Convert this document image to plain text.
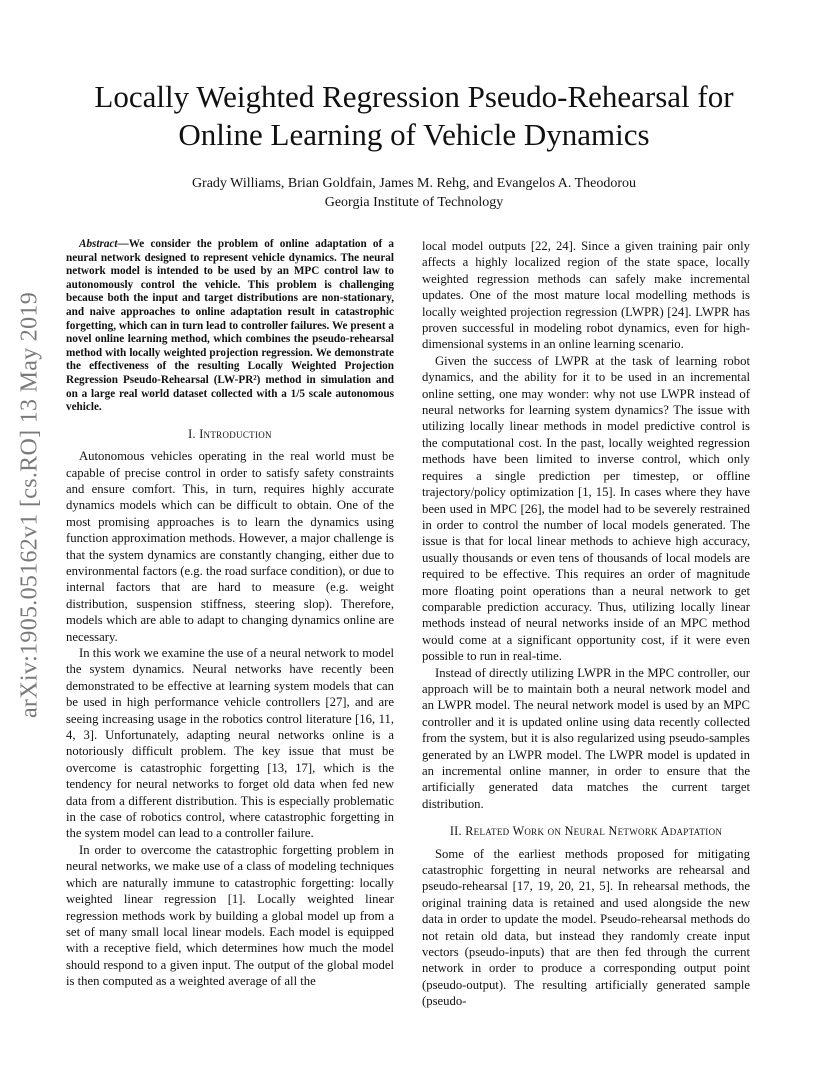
arXiv:1905.05162v1 [cs.RO] 13 May 2019
Locally Weighted Regression Pseudo-Rehearsal for
Online Learning of Vehicle Dynamics
Grady Williams, Brian Goldfain, James M. Rehg, and Evangelos A. Theodorou
Georgia Institute of Technology

Abstract—We consider the problem of online adaptation of a neural network designed to represent vehicle dynamics. The neural network model is intended to be used by an MPC control law to autonomously control the vehicle. This problem is challenging because both the input and target distributions are non-stationary, and naive approaches to online adaptation result in catastrophic forgetting, which can in turn lead to controller failures. We present a novel online learning method, which combines the pseudo-rehearsal method with locally weighted projection regression. We demonstrate the effectiveness of the resulting Locally Weighted Projection Regression Pseudo-Rehearsal (LW-PR²) method in simulation and on a large real world dataset collected with a 1/5 scale autonomous vehicle.

I. Introduction

Autonomous vehicles operating in the real world must be capable of precise control in order to satisfy safety constraints and ensure comfort. This, in turn, requires highly accurate dynamics models which can be difficult to obtain. One of the most promising approaches is to learn the dynamics using function approximation methods. However, a major challenge is that the system dynamics are constantly changing, either due to environmental factors (e.g. the road surface condition), or due to internal factors that are hard to measure (e.g. weight distribution, suspension stiffness, steering slop). Therefore, models which are able to adapt to changing dynamics online are necessary.

In this work we examine the use of a neural network to model the system dynamics. Neural networks have recently been demonstrated to be effective at learning system models that can be used in high performance vehicle controllers [27], and are seeing increasing usage in the robotics control literature [16, 11, 4, 3]. Unfortunately, adapting neural networks online is a notoriously difficult problem. The key issue that must be overcome is catastrophic forgetting [13, 17], which is the tendency for neural networks to forget old data when fed new data from a different distribution. This is especially problematic in the case of robotics control, where catastrophic forgetting in the system model can lead to a controller failure.

In order to overcome the catastrophic forgetting problem in neural networks, we make use of a class of modeling techniques which are naturally immune to catastrophic forgetting: locally weighted linear regression [1]. Locally weighted linear regression methods work by building a global model up from a set of many small local linear models. Each model is equipped with a receptive field, which determines how much the model should respond to a given input. The output of the global model is then computed as a weighted average of all the

local model outputs [22, 24]. Since a given training pair only affects a highly localized region of the state space, locally weighted regression methods can safely make incremental updates. One of the most mature local modelling methods is locally weighted projection regression (LWPR) [24]. LWPR has proven successful in modeling robot dynamics, even for high-dimensional systems in an online learning scenario.

Given the success of LWPR at the task of learning robot dynamics, and the ability for it to be used in an incremental online setting, one may wonder: why not use LWPR instead of neural networks for learning system dynamics? The issue with utilizing locally linear methods in model predictive control is the computational cost. In the past, locally weighted regression methods have been limited to inverse control, which only requires a single prediction per timestep, or offline trajectory/policy optimization [1, 15]. In cases where they have been used in MPC [26], the model had to be severely restrained in order to control the number of local models generated. The issue is that for local linear methods to achieve high accuracy, usually thousands or even tens of thousands of local models are required to be effective. This requires an order of magnitude more floating point operations than a neural network to get comparable prediction accuracy. Thus, utilizing locally linear methods instead of neural networks inside of an MPC method would come at a significant opportunity cost, if it were even possible to run in real-time.

Instead of directly utilizing LWPR in the MPC controller, our approach will be to maintain both a neural network model and an LWPR model. The neural network model is used by an MPC controller and it is updated online using data recently collected from the system, but it is also regularized using pseudo-samples generated by an LWPR model. The LWPR model is updated in an incremental online manner, in order to ensure that the artificially generated data matches the current target distribution.

II. Related Work on Neural Network Adaptation

Some of the earliest methods proposed for mitigating catastrophic forgetting in neural networks are rehearsal and pseudo-rehearsal [17, 19, 20, 21, 5]. In rehearsal methods, the original training data is retained and used alongside the new data in order to update the model. Pseudo-rehearsal methods do not retain old data, but instead they randomly create input vectors (pseudo-inputs) that are then fed through the current network in order to produce a corresponding output point (pseudo-output). The resulting artificially generated sample (pseudo-
